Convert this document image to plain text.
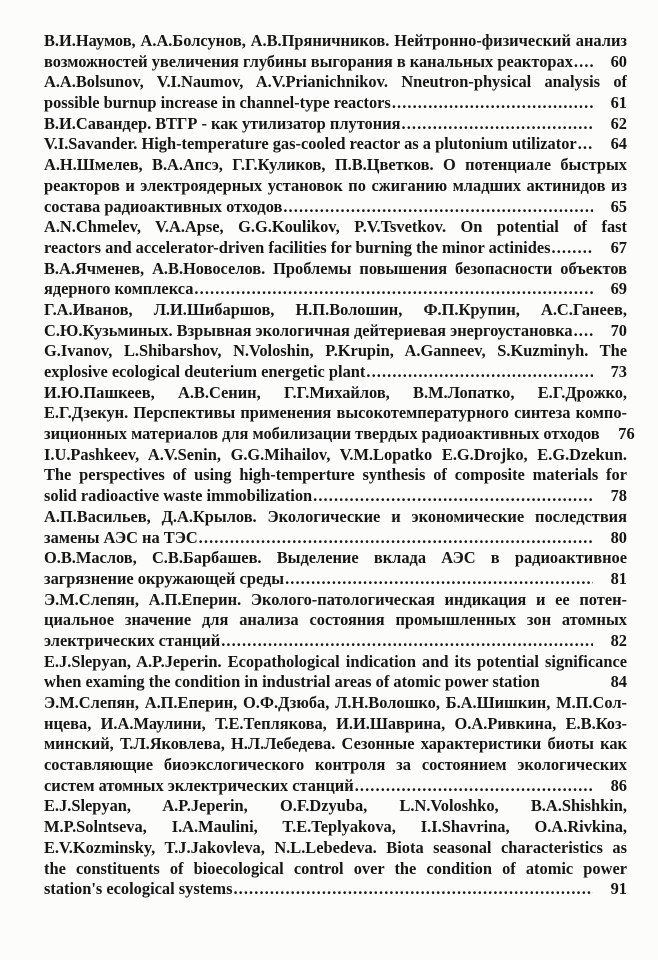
В.И.Наумов, А.А.Болсунов, А.В.Пряничников. Нейтронно-физический анализ
возможностей увеличения глубины выгорания в канальных реакторах .....	60
A.A.Bolsunov, V.I.Naumov, A.V.Prianichnikov. Nneutron-physical analysis of
possible burnup increase in channel-type reactors .....	61
В.И.Савандер. ВТГР - как утилизатор плутония .....	62
V.I.Savander. High-temperature gas-cooled reactor as a plutonium utilizator .....	64
А.Н.Шмелев, В.А.Апсэ, Г.Г.Куликов, П.В.Цветков. О потенциале быстрых
реакторов и электроядерных установок по сжиганию младших актинидов из
состава радиоактивных отходов .....	65
A.N.Chmelev, V.A.Apse, G.G.Koulikov, P.V.Tsvetkov. On potential of fast
reactors and accelerator-driven facilities for burning the minor actinides .....	67
В.А.Ячменев, А.В.Новоселов. Проблемы повышения безопасности объектов
ядерного комплекса .....	69
Г.А.Иванов, Л.И.Шибаршов, Н.П.Волошин, Ф.П.Крупин, А.С.Ганеев,
С.Ю.Кузьминых. Взрывная экологичная дейтериевая энергоустановка .....	70
G.Ivanov, L.Shibarshov, N.Voloshin, P.Krupin, A.Ganneev, S.Kuzminyh. The
explosive ecological deuterium energetic plant .....	73
И.Ю.Пашкеев, А.В.Сенин, Г.Г.Михайлов, В.М.Лопатко, Е.Г.Дрожко,
Е.Г.Дзекун. Перспективы применения высокотемпературного синтеза компо-
зиционных материалов для мобилизации твердых радиоактивных отходов	76
I.U.Pashkeev, A.V.Senin, G.G.Mihailov, V.M.Lopatko E.G.Drojko, E.G.Dzekun.
The perspectives of using high-temperture synthesis of composite materials for
solid radioactive waste immobilization .....	78
А.П.Васильев, Д.А.Крылов. Экологические и экономические последствия
замены АЭС на ТЭС .....	80
О.В.Маслов, С.В.Барбашев. Выделение вклада АЭС в радиоактивное
загрязнение окружающей среды .....	81
Э.М.Слепян, А.П.Еперин. Эколого-патологическая индикация и ее потен-
циальное значение для анализа состояния промышленных зон атомных
электрических станций .....	82
E.J.Slepyan, A.P.Jeperin. Ecopathological indication and its potential significance
when examing the condition in industrial areas of atomic power station	84
Э.М.Слепян, А.П.Еперин, О.Ф.Дзюба, Л.Н.Волошко, Б.А.Шишкин, М.П.Сол-
нцева, И.А.Маулини, Т.Е.Теплякова, И.И.Шаврина, О.А.Ривкина, Е.В.Коз-
минский, Т.Л.Яковлева, Н.Л.Лебедева. Сезонные характеристики биоты как
составляющие биоэкслогического контроля за состоянием экологических
систем атомных эклектрических станций .....	86
E.J.Slepyan, A.P.Jeperin, O.F.Dzyuba, L.N.Voloshko, B.A.Shishkin,
M.P.Solntseva, I.A.Maulini, T.E.Teplyakova, I.I.Shavrina, O.A.Rivkina,
E.V.Kozminsky, T.J.Jakovleva, N.L.Lebedeva. Biota seasonal characteristics as
the constituents of bioecological control over the condition of atomic power
station's ecological systems .....	91
